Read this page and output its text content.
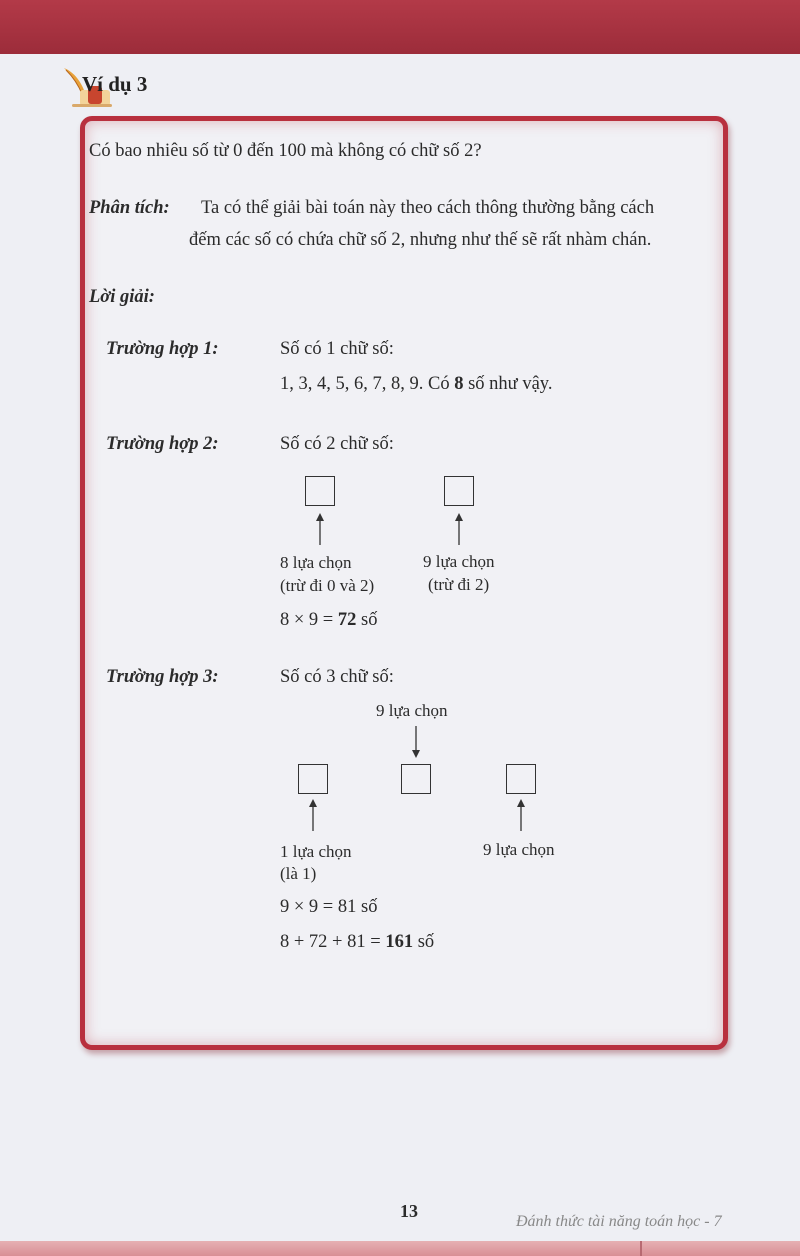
Ví dụ 3
Có bao nhiêu số từ 0 đến 100 mà không có chữ số 2?
Phân tích: Ta có thể giải bài toán này theo cách thông thường bằng cách
đếm các số có chứa chữ số 2, nhưng như thế sẽ rất nhàm chán.
Lời giải:
Trường hợp 1:	Số có 1 chữ số:
1, 3, 4, 5, 6, 7, 8, 9. Có 8 số như vậy.
Trường hợp 2:	Số có 2 chữ số:
8 lựa chọn
(trừ đi 0 và 2)
9 lựa chọn
(trừ đi 2)
8 × 9 = 72 số
Trường hợp 3:	Số có 3 chữ số:
9 lựa chọn
1 lựa chọn
(là 1)
9 lựa chọn
9 × 9 = 81 số
8 + 72 + 81 = 161 số
13
Đánh thức tài năng toán học - 7
